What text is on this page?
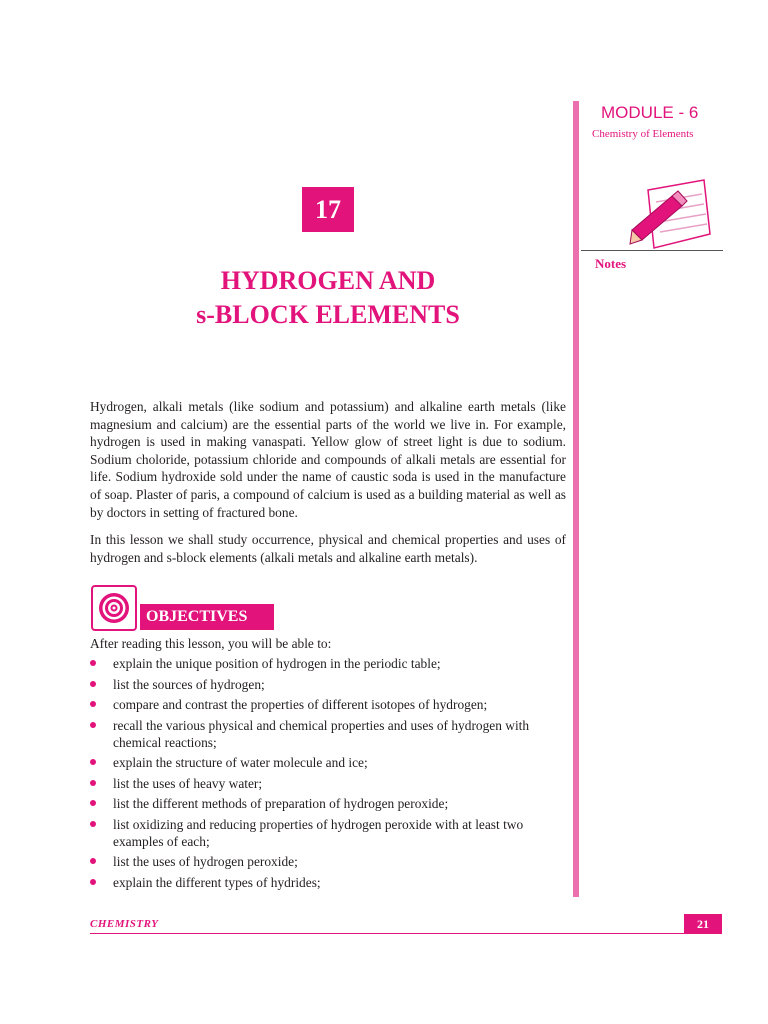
MODULE - 6
Chemistry of Elements
Notes
17
HYDROGEN AND
s-BLOCK ELEMENTS
Hydrogen, alkali metals (like sodium and potassium) and alkaline earth metals (like magnesium and calcium) are the essential parts of the world we live in. For example, hydrogen is used in making vanaspati. Yellow glow of street light is due to sodium. Sodium choloride, potassium chloride and compounds of alkali metals are essential for life. Sodium hydroxide sold under the name of caustic soda is used in the manufacture of soap. Plaster of paris, a compound of calcium is used as a building material as well as by doctors in setting of fractured bone.
In this lesson we shall study occurrence, physical and chemical properties and uses of hydrogen and s-block elements (alkali metals and alkaline earth metals).
OBJECTIVES
After reading this lesson, you will be able to:
explain the unique position of hydrogen in the periodic table;
list the sources of hydrogen;
compare and contrast the properties of different isotopes of hydrogen;
recall the various physical and chemical properties and uses of hydrogen with chemical reactions;
explain the structure of water molecule and ice;
list the uses of heavy water;
list the different methods of preparation of hydrogen peroxide;
list oxidizing and reducing properties of hydrogen peroxide with at least two examples of each;
list the uses of hydrogen peroxide;
explain the different types of hydrides;
CHEMISTRY	21
